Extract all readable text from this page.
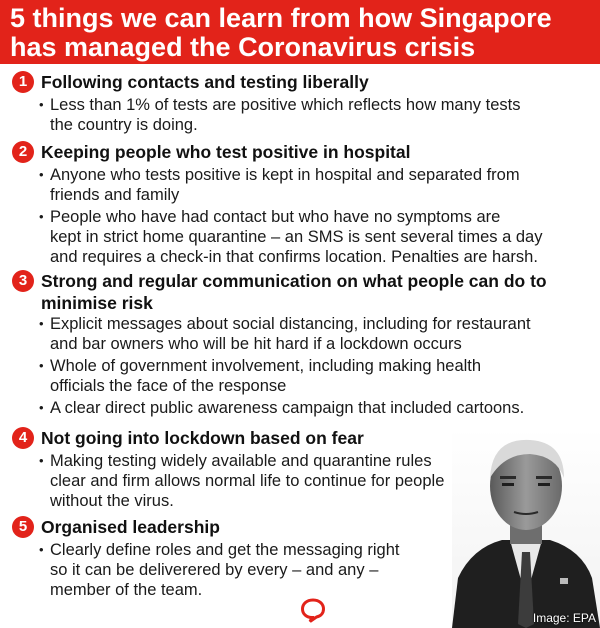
5 things we can learn from how Singapore
has managed the Coronavirus crisis
1 Following contacts and testing liberally
• Less than 1% of tests are positive which reflects how many tests
the country is doing.
2 Keeping people who test positive in hospital
• Anyone who tests positive is kept in hospital and separated from
friends and family
• People who have had contact but who have no symptoms are
kept in strict home quarantine – an SMS is sent several times a day
and requires a check-in that confirms location. Penalties are harsh.
3 Strong and regular communication on what people can do to
minimise risk
• Explicit messages about social distancing, including for restaurant
and bar owners who will be hit hard if a lockdown occurs
• Whole of government involvement, including making health
officials the face of the response
• A clear direct public awareness campaign that included cartoons.
Image: EPA
4 Not going into lockdown based on fear
• Making testing widely available and quarantine rules
clear and firm allows normal life to continue for people
without the virus.
5 Organised leadership
• Clearly define roles and get the messaging right
so it can be deliverered by every – and any –
member of the team.
